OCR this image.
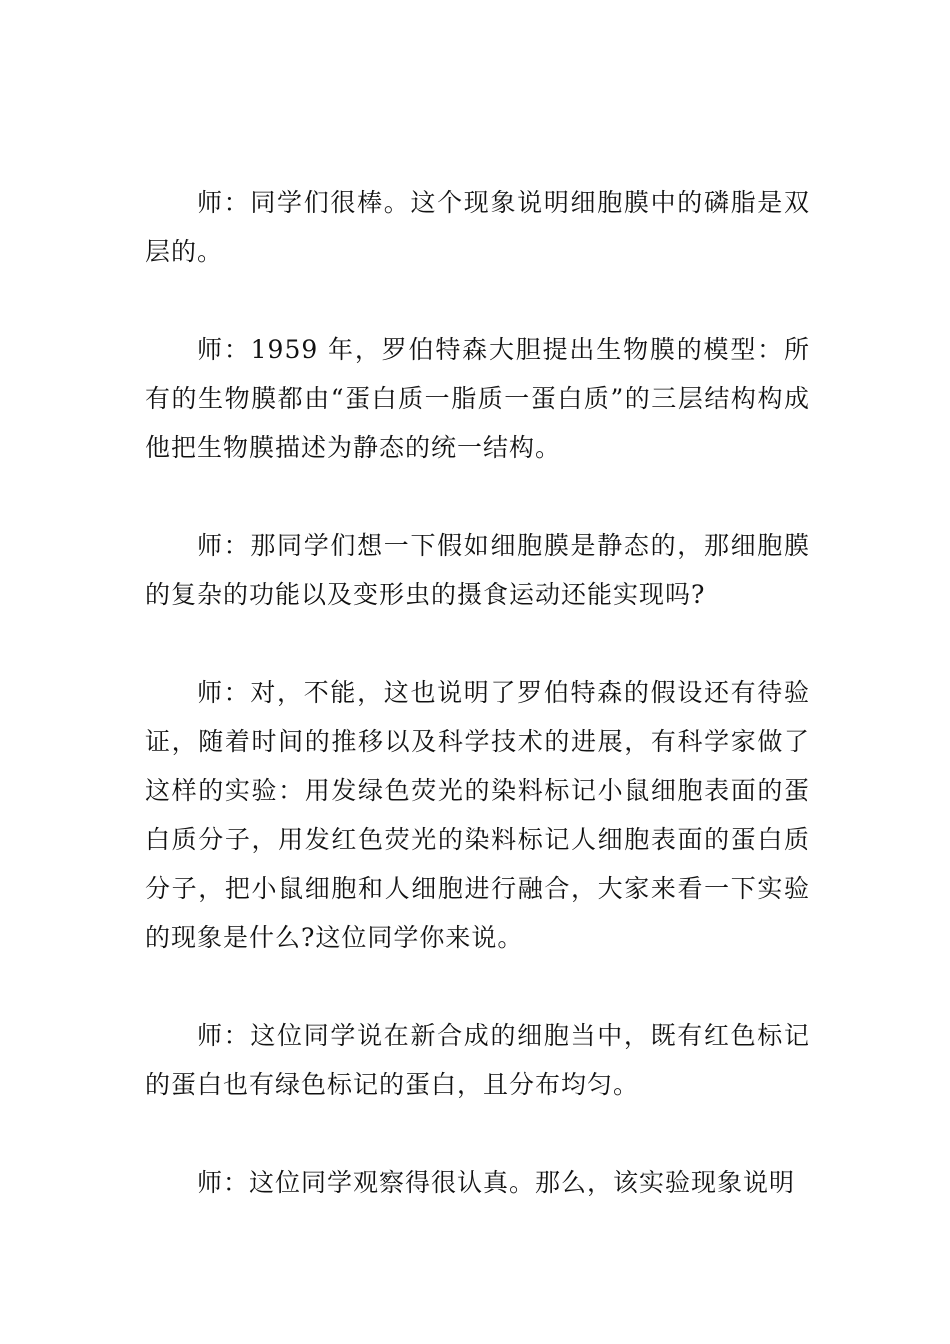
师：同学们很棒。这个现象说明细胞膜中的磷脂是双层的。

师：1959 年，罗伯特森大胆提出生物膜的模型：所有的生物膜都由“蛋白质一脂质一蛋白质”的三层结构构成他把生物膜描述为静态的统一结构。

师：那同学们想一下假如细胞膜是静态的，那细胞膜的复杂的功能以及变形虫的摄食运动还能实现吗?

师：对，不能，这也说明了罗伯特森的假设还有待验证，随着时间的推移以及科学技术的进展，有科学家做了这样的实验：用发绿色荧光的染料标记小鼠细胞表面的蛋白质分子，用发红色荧光的染料标记人细胞表面的蛋白质分子，把小鼠细胞和人细胞进行融合，大家来看一下实验的现象是什么?这位同学你来说。

师：这位同学说在新合成的细胞当中，既有红色标记的蛋白也有绿色标记的蛋白，且分布均匀。

师：这位同学观察得很认真。那么，该实验现象说明
